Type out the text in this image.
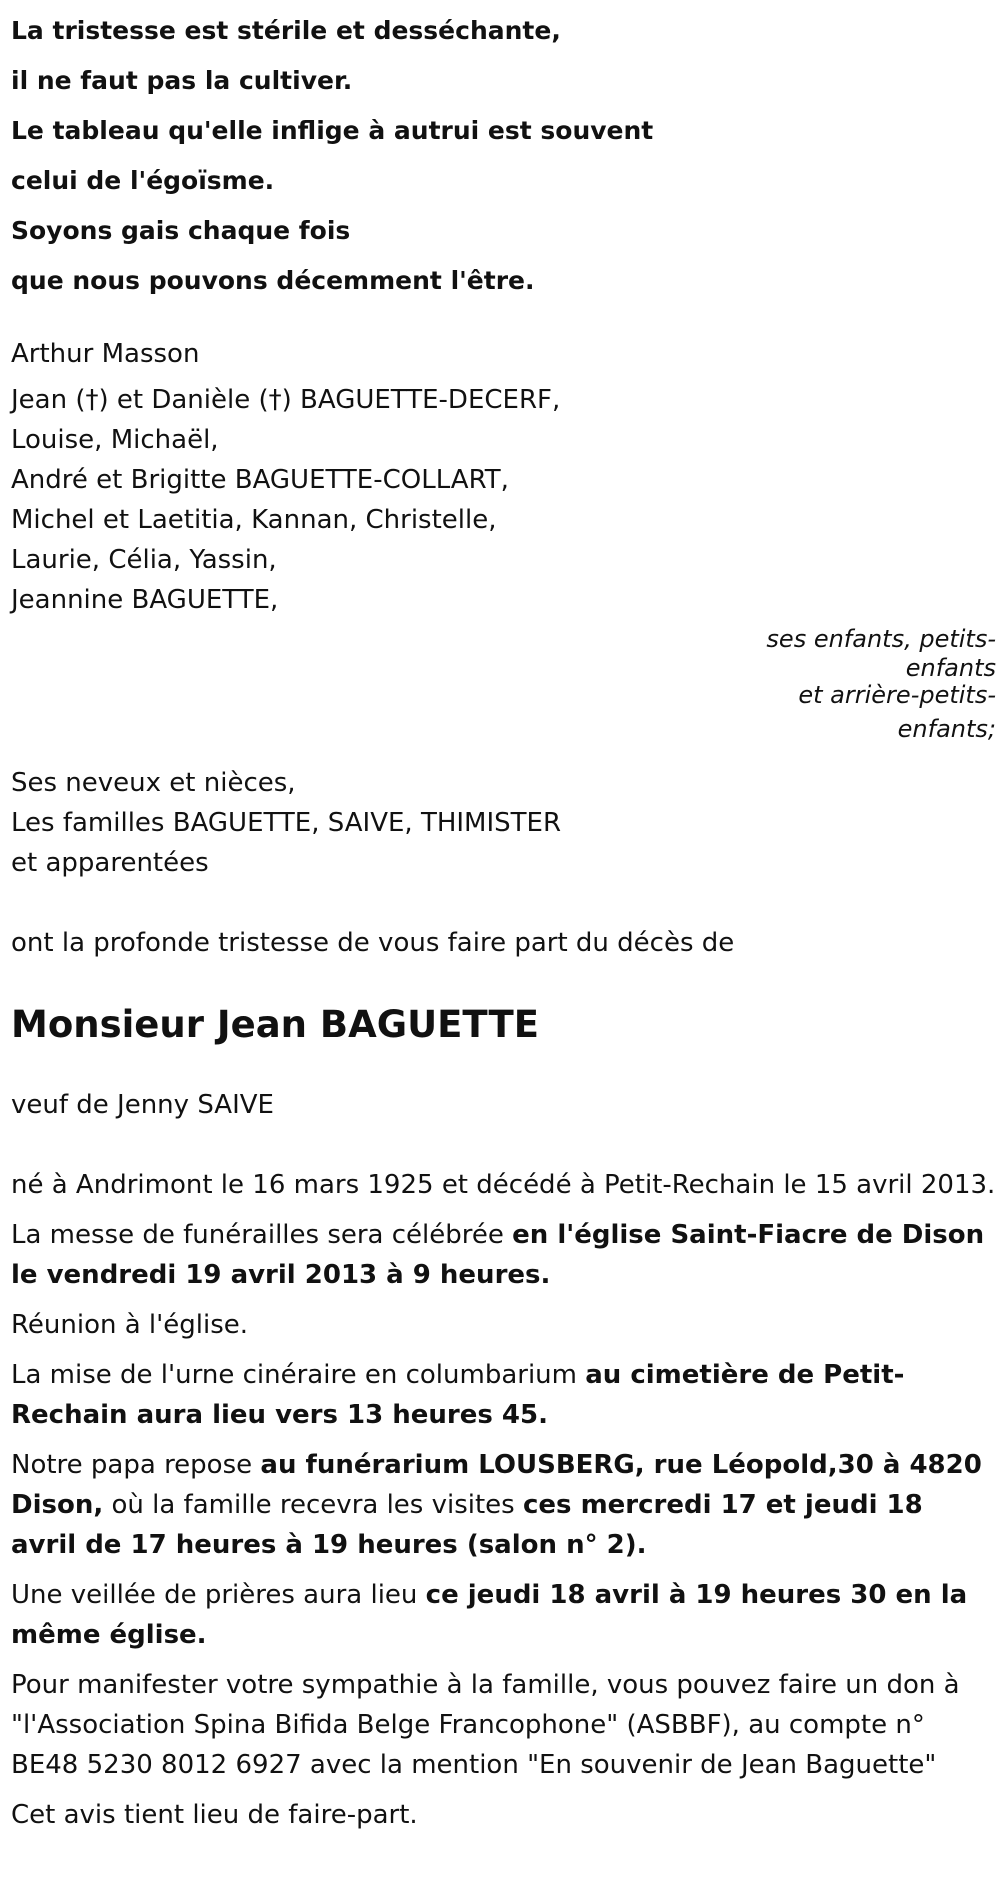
La tristesse est stérile et desséchante,

il ne faut pas la cultiver.

Le tableau qu'elle inflige à autrui est souvent

celui de l'égoïsme.

Soyons gais chaque fois

que nous pouvons décemment l'être.

Arthur Masson

Jean (†) et Danièle (†) BAGUETTE-DECERF,

Louise, Michaël,

André et Brigitte BAGUETTE-COLLART,

Michel et Laetitia, Kannan, Christelle,

Laurie, Célia, Yassin,

Jeannine BAGUETTE,

ses enfants, petits-

enfants

et arrière-petits-

enfants;

Ses neveux et nièces,

Les familles BAGUETTE, SAIVE, THIMISTER

et apparentées

ont la profonde tristesse de vous faire part du décès de

Monsieur Jean BAGUETTE

veuf de Jenny SAIVE

né à Andrimont le 16 mars 1925 et décédé à Petit-Rechain le 15 avril 2013.

La messe de funérailles sera célébrée en l'église Saint-Fiacre de Dison le vendredi 19 avril 2013 à 9 heures.

Réunion à l'église.

La mise de l'urne cinéraire en columbarium au cimetière de Petit-Rechain aura lieu vers 13 heures 45.

Notre papa repose au funérarium LOUSBERG, rue Léopold,30 à 4820 Dison, où la famille recevra les visites ces mercredi 17 et jeudi 18 avril de 17 heures à 19 heures (salon n° 2).

Une veillée de prières aura lieu ce jeudi 18 avril à 19 heures 30 en la même église.

Pour manifester votre sympathie à la famille, vous pouvez faire un don à "l'Association Spina Bifida Belge Francophone" (ASBBF), au compte n° BE48 5230 8012 6927 avec la mention "En souvenir de Jean Baguette"

Cet avis tient lieu de faire-part.
